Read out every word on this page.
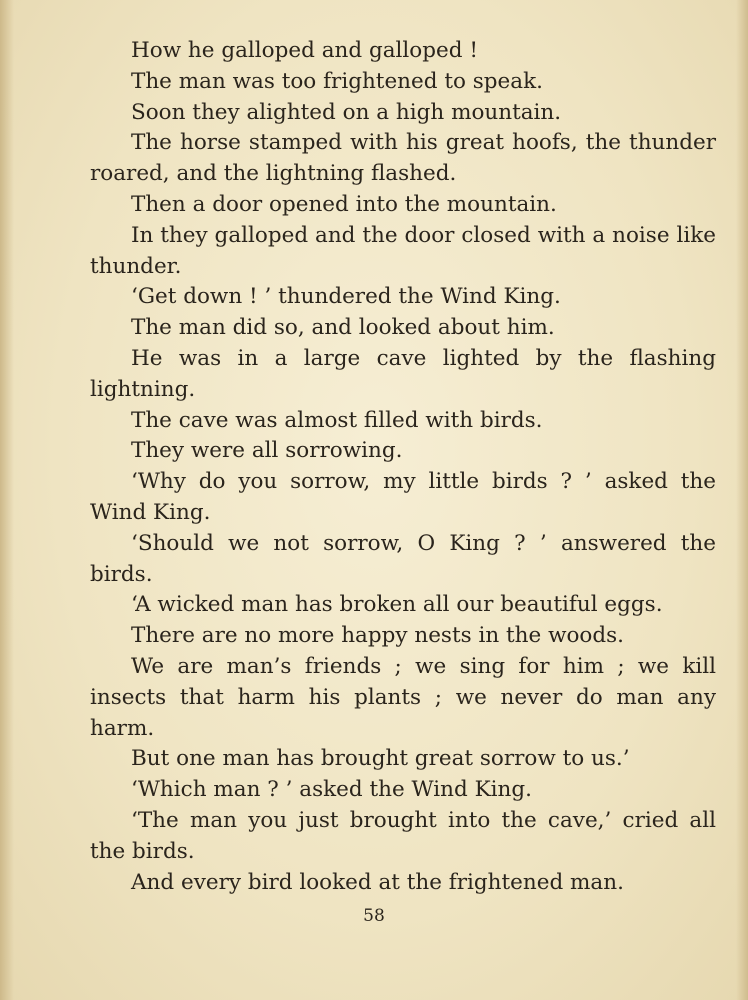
How he galloped and galloped !

The man was too frightened to speak.

Soon they alighted on a high mountain.

The horse stamped with his great hoofs, the thunder roared, and the lightning flashed.

Then a door opened into the mountain.

In they galloped and the door closed with a noise like thunder.

‘Get down ! ’ thundered the Wind King.

The man did so, and looked about him.

He was in a large cave lighted by the flashing lightning.

The cave was almost filled with birds.

They were all sorrowing.

‘Why do you sorrow, my little birds ? ’ asked the Wind King.

‘Should we not sorrow, O King ? ’ answered the birds.

‘A wicked man has broken all our beautiful eggs.

There are no more happy nests in the woods.

We are man’s friends ; we sing for him ; we kill insects that harm his plants ; we never do man any harm.

But one man has brought great sorrow to us.’

‘Which man ? ’ asked the Wind King.

‘The man you just brought into the cave,’ cried all the birds.

And every bird looked at the frightened man.

58
